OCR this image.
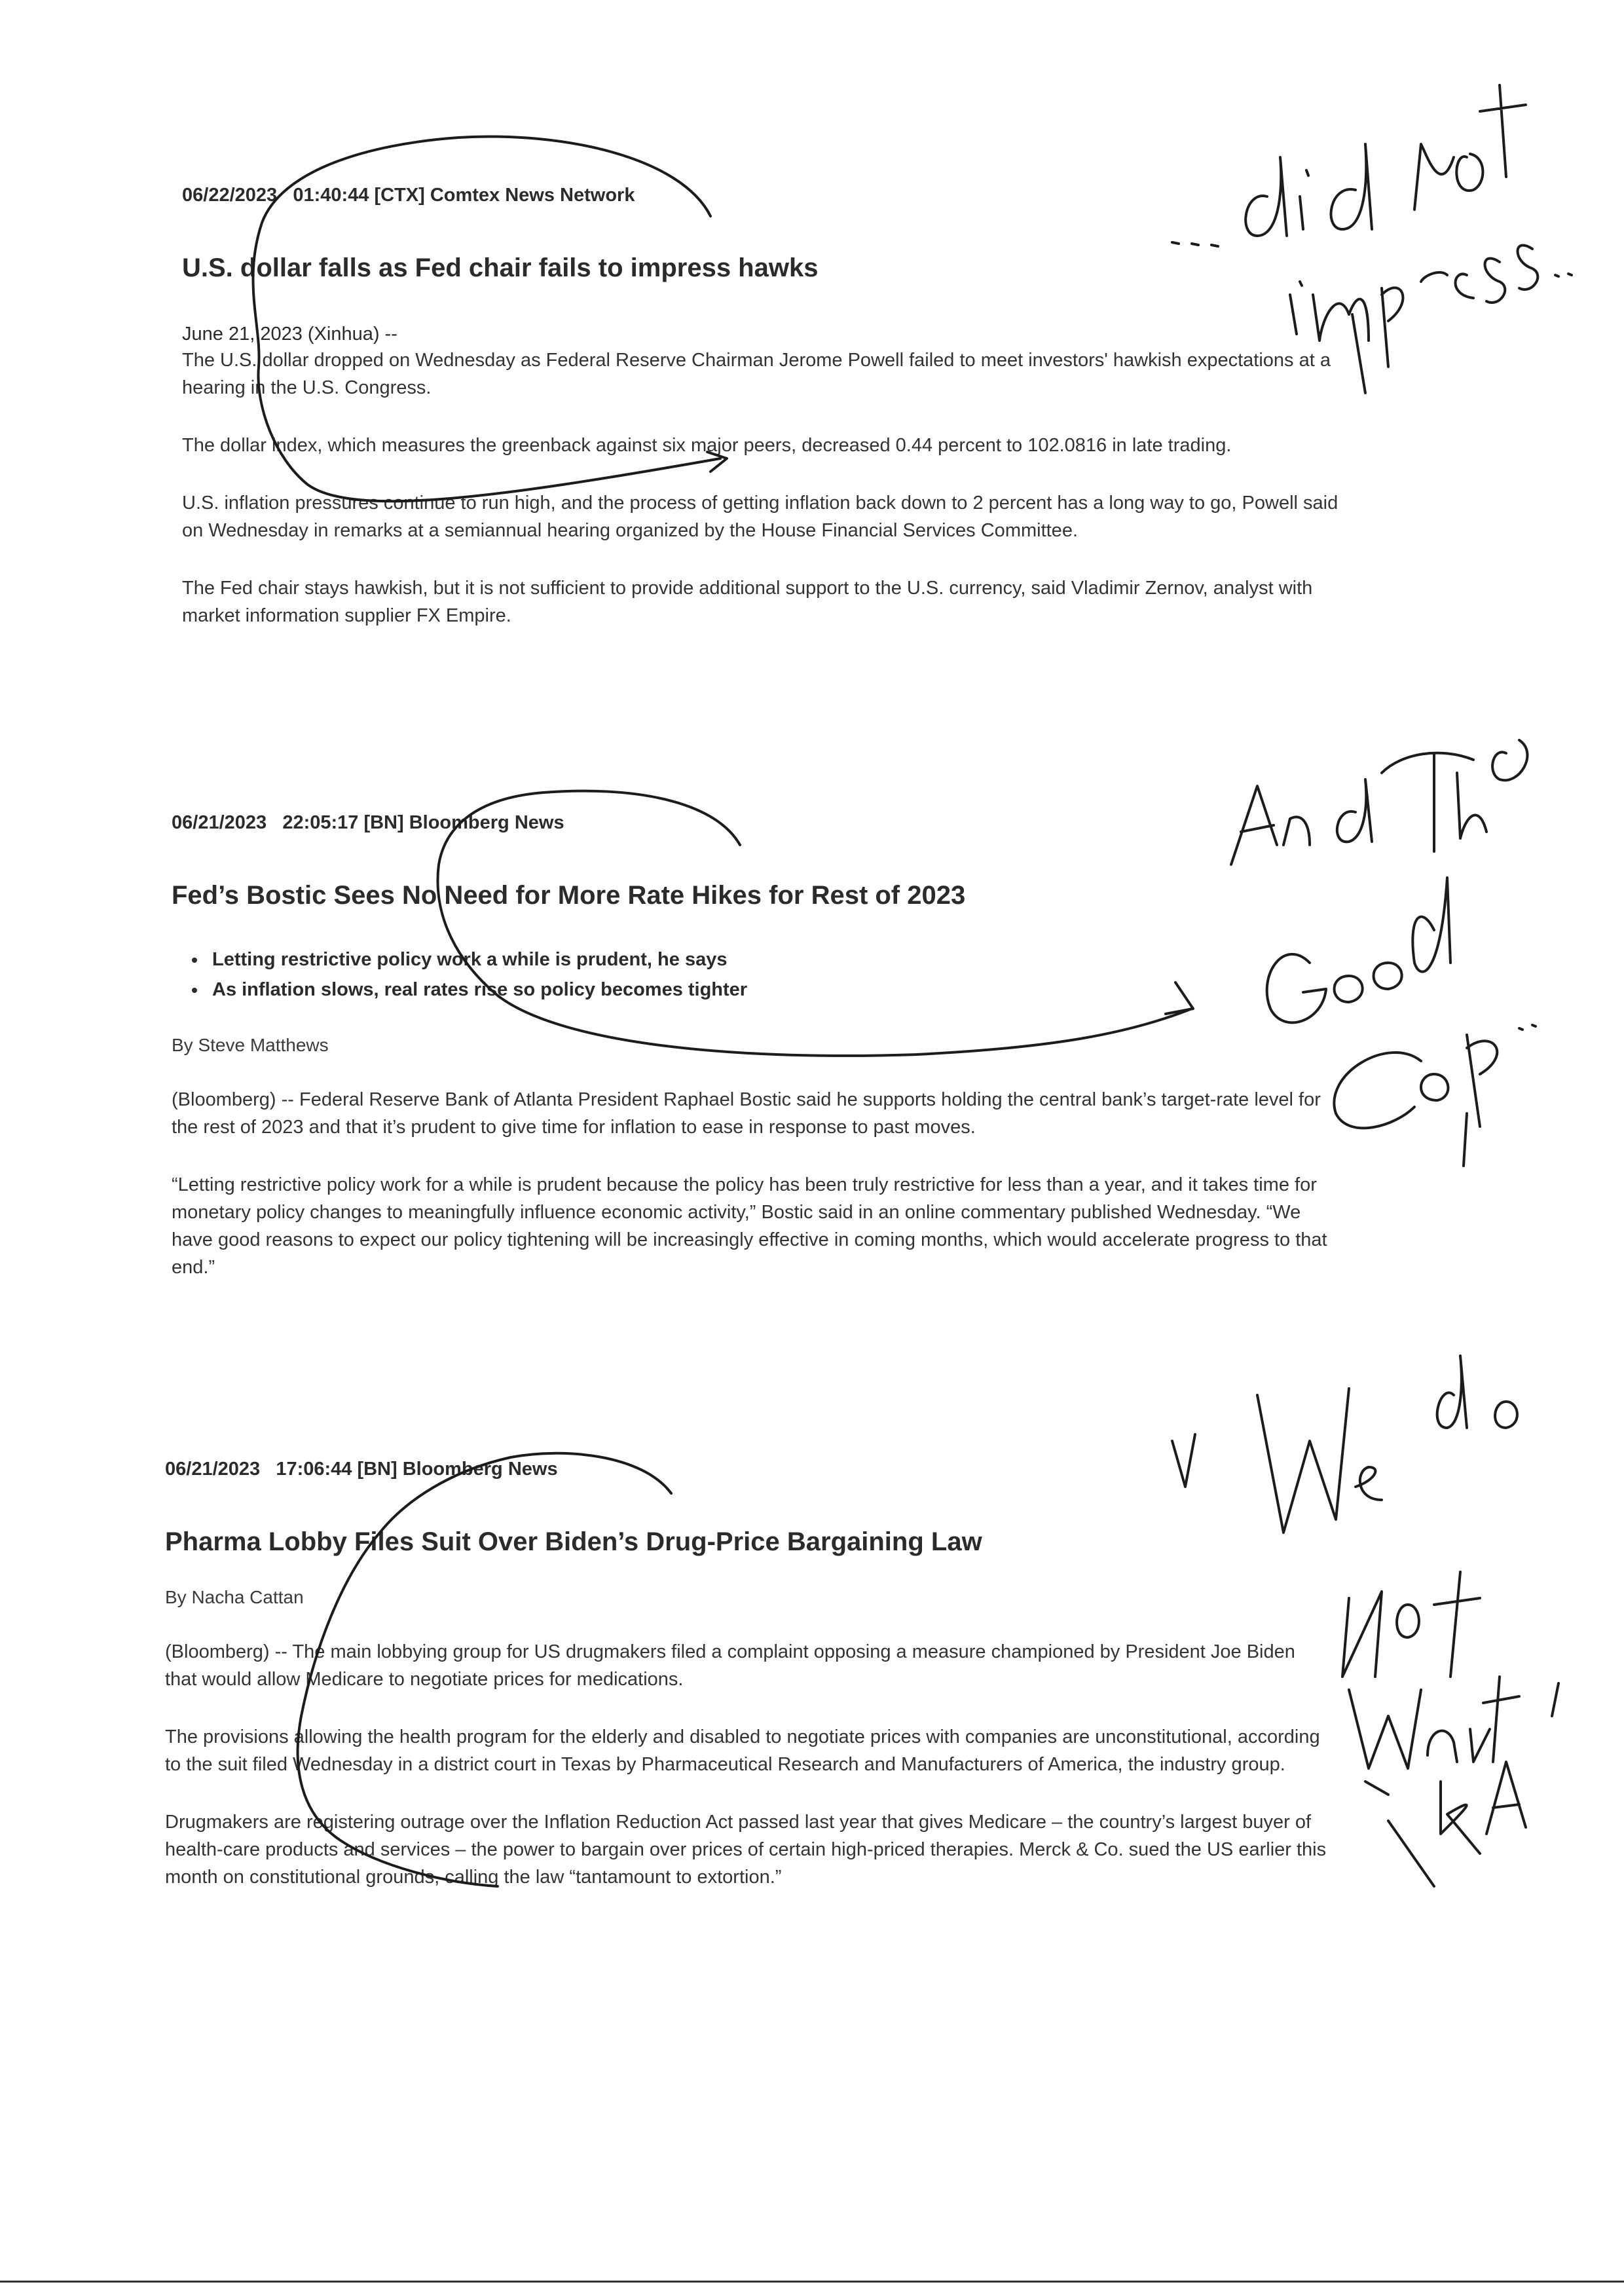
06/22/2023   01:40:44 [CTX] Comtex News Network
U.S. dollar falls as Fed chair fails to impress hawks
June 21, 2023 (Xinhua) --
The U.S. dollar dropped on Wednesday as Federal Reserve Chairman Jerome Powell failed to meet investors' hawkish expectations at a hearing in the U.S. Congress.
The dollar index, which measures the greenback against six major peers, decreased 0.44 percent to 102.0816 in late trading.
U.S. inflation pressures continue to run high, and the process of getting inflation back down to 2 percent has a long way to go, Powell said on Wednesday in remarks at a semiannual hearing organized by the House Financial Services Committee.
The Fed chair stays hawkish, but it is not sufficient to provide additional support to the U.S. currency, said Vladimir Zernov, analyst with market information supplier FX Empire.
06/21/2023   22:05:17 [BN] Bloomberg News
Fed’s Bostic Sees No Need for More Rate Hikes for Rest of 2023
• Letting restrictive policy work a while is prudent, he says
• As inflation slows, real rates rise so policy becomes tighter
By Steve Matthews
(Bloomberg) -- Federal Reserve Bank of Atlanta President Raphael Bostic said he supports holding the central bank’s target-rate level for the rest of 2023 and that it’s prudent to give time for inflation to ease in response to past moves.
“Letting restrictive policy work for a while is prudent because the policy has been truly restrictive for less than a year, and it takes time for monetary policy changes to meaningfully influence economic activity,” Bostic said in an online commentary published Wednesday. “We have good reasons to expect our policy tightening will be increasingly effective in coming months, which would accelerate progress to that end.”
06/21/2023   17:06:44 [BN] Bloomberg News
Pharma Lobby Files Suit Over Biden’s Drug-Price Bargaining Law
By Nacha Cattan
(Bloomberg) -- The main lobbying group for US drugmakers filed a complaint opposing a measure championed by President Joe Biden that would allow Medicare to negotiate prices for medications.
The provisions allowing the health program for the elderly and disabled to negotiate prices with companies are unconstitutional, according to the suit filed Wednesday in a district court in Texas by Pharmaceutical Research and Manufacturers of America, the industry group.
Drugmakers are registering outrage over the Inflation Reduction Act passed last year that gives Medicare – the country’s largest buyer of health-care products and services – the power to bargain over prices of certain high-priced therapies. Merck & Co. sued the US earlier this month on constitutional grounds, calling the law “tantamount to extortion.”
